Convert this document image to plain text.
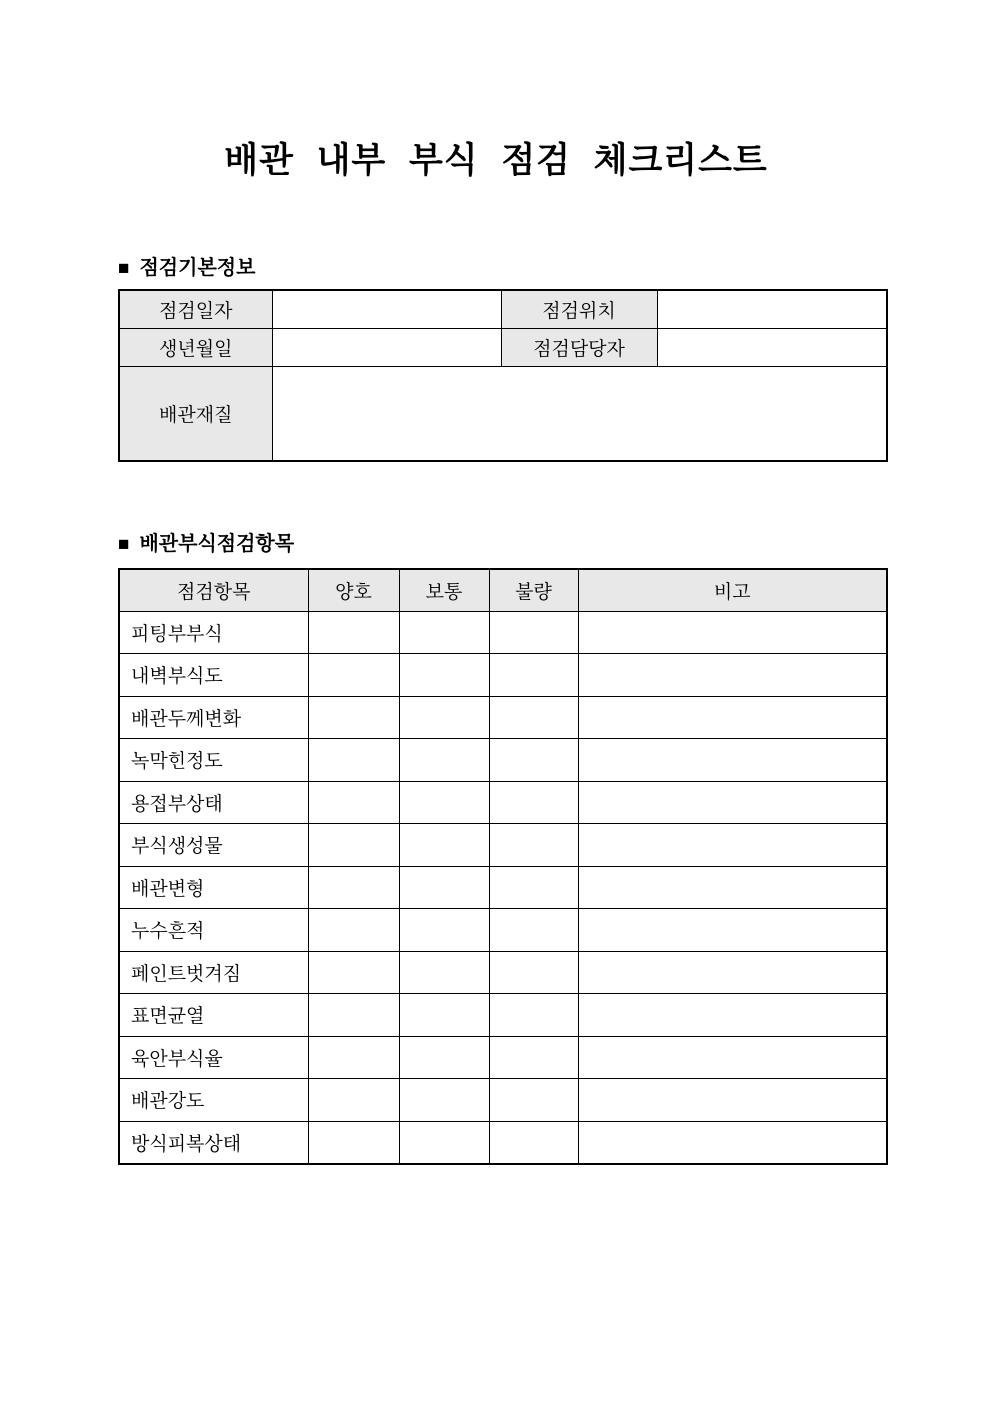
배관 내부 부식 점검 체크리스트
■ 점검기본정보
점검일자		점검위치	
생년월일		점검담당자	
배관재질			
■ 배관부식점검항목
점검항목	양호	보통	불량	비고
피팅부부식				
내벽부식도				
배관두께변화				
녹막힌정도				
용접부상태				
부식생성물				
배관변형				
누수흔적				
페인트벗겨짐				
표면균열				
육안부식율				
배관강도				
방식피복상태				
